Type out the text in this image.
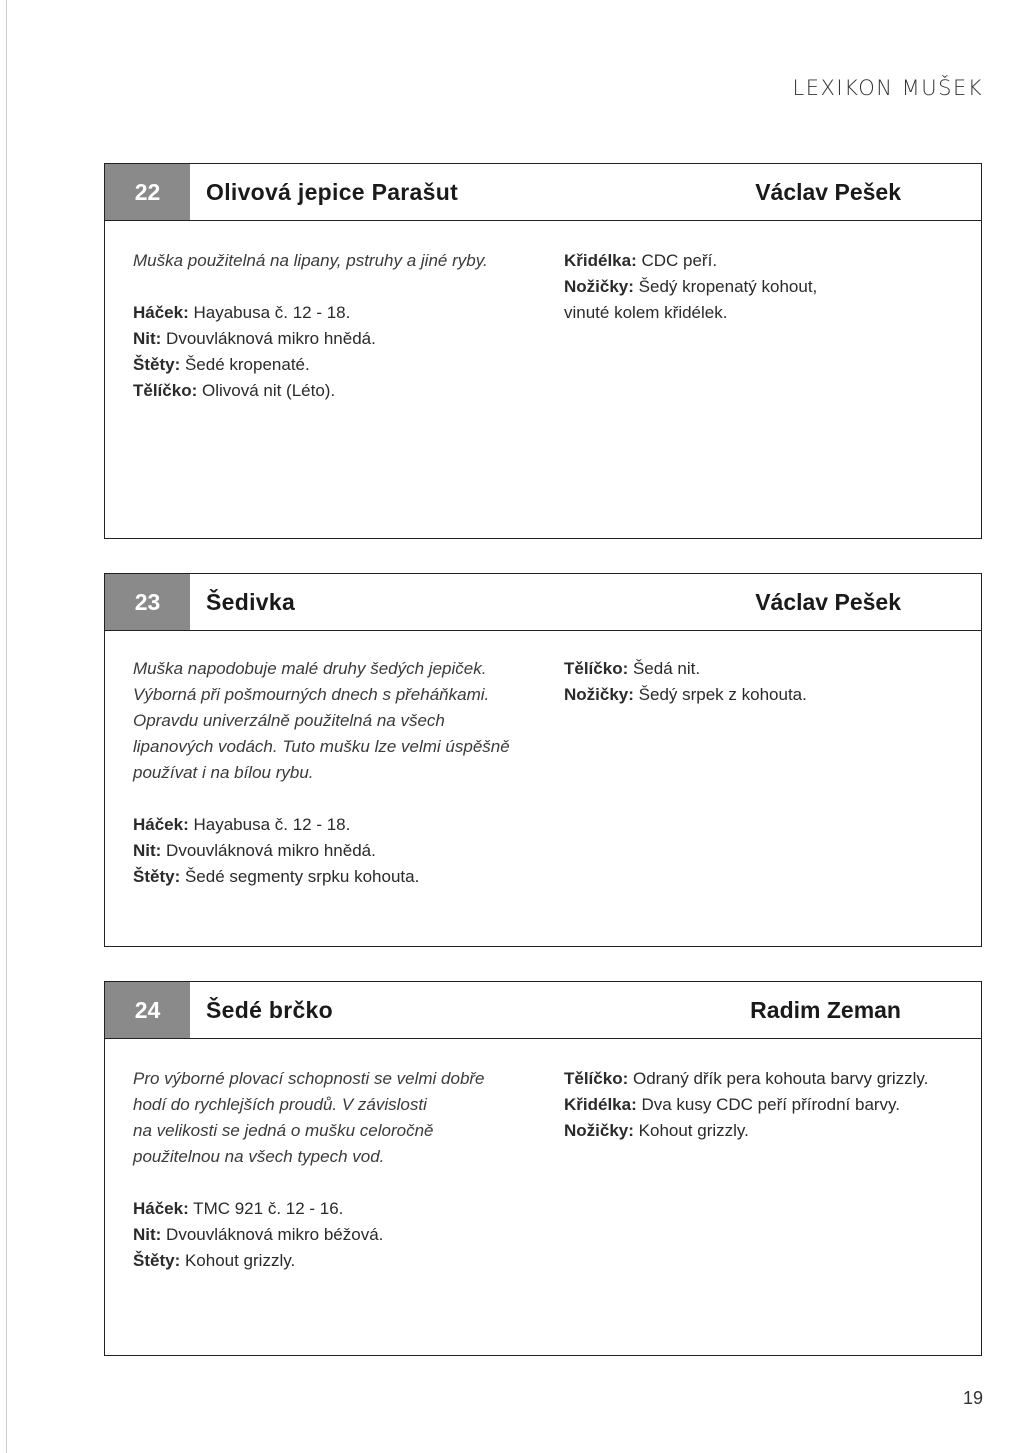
LEXIKON MUŠEK
22	Olivová jepice Parašut	Václav Pešek
Muška použitelná na lipany, pstruhy a jiné ryby.
Háček: Hayabusa č. 12 - 18.
Nit: Dvouvláknová mikro hnědá.
Štěty: Šedé kropenaté.
Tělíčko: Olivová nit (Léto).
Křidélka: CDC peří.
Nožičky: Šedý kropenatý kohout,
vinuté kolem křidélek.
23	Šedivka	Václav Pešek
Muška napodobuje malé druhy šedých jepiček.
Výborná při pošmourných dnech s přeháňkami.
Opravdu univerzálně použitelná na všech
lipanových vodách. Tuto mušku lze velmi úspěšně
používat i na bílou rybu.
Háček: Hayabusa č. 12 - 18.
Nit: Dvouvláknová mikro hnědá.
Štěty: Šedé segmenty srpku kohouta.
Tělíčko: Šedá nit.
Nožičky: Šedý srpek z kohouta.
24	Šedé brčko	Radim Zeman
Pro výborné plovací schopnosti se velmi dobře
hodí do rychlejších proudů. V závislosti
na velikosti se jedná o mušku celoročně
použitelnou na všech typech vod.
Háček: TMC 921 č. 12 - 16.
Nit: Dvouvláknová mikro béžová.
Štěty: Kohout grizzly.
Tělíčko: Odraný dřík pera kohouta barvy grizzly.
Křidélka: Dva kusy CDC peří přírodní barvy.
Nožičky: Kohout grizzly.
19
